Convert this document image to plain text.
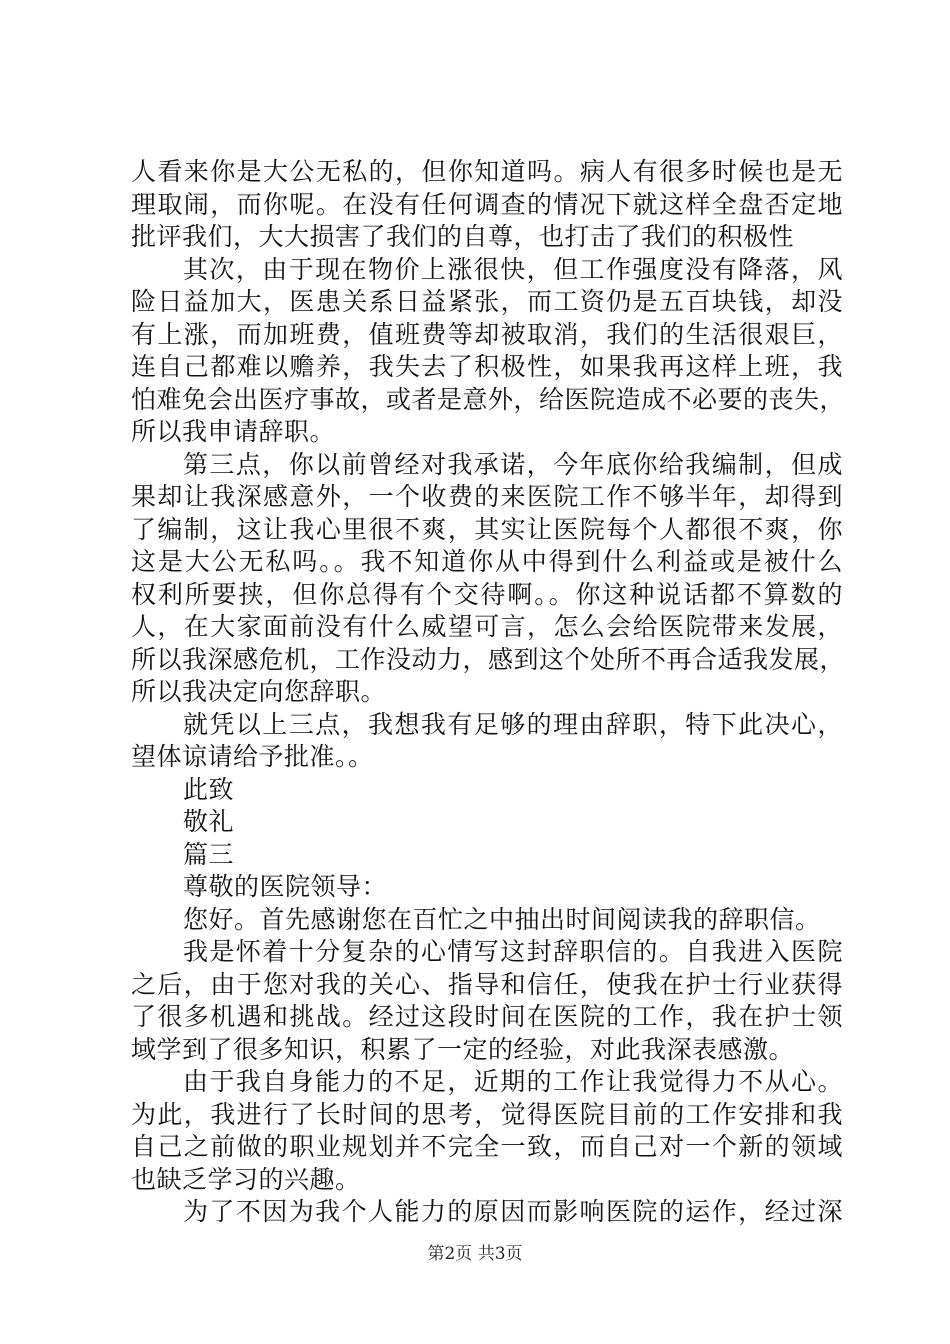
人看来你是大公无私的，但你知道吗。病人有很多时候也是无
理取闹，而你呢。在没有任何调查的情况下就这样全盘否定地
批评我们，大大损害了我们的自尊，也打击了我们的积极性
其次，由于现在物价上涨很快，但工作强度没有降落，风
险日益加大，医患关系日益紧张，而工资仍是五百块钱，却没
有上涨，而加班费，值班费等却被取消，我们的生活很艰巨，
连自己都难以赡养，我失去了积极性，如果我再这样上班，我
怕难免会出医疗事故，或者是意外，给医院造成不必要的丧失，
所以我申请辞职。
第三点，你以前曾经对我承诺，今年底你给我编制，但成
果却让我深感意外，一个收费的来医院工作不够半年，却得到
了编制，这让我心里很不爽，其实让医院每个人都很不爽，你
这是大公无私吗。。我不知道你从中得到什么利益或是被什么
权利所要挟，但你总得有个交待啊。。你这种说话都不算数的
人，在大家面前没有什么威望可言，怎么会给医院带来发展，
所以我深感危机，工作没动力，感到这个处所不再合适我发展，
所以我决定向您辞职。
就凭以上三点，我想我有足够的理由辞职，特下此决心，
望体谅请给予批准。。
此致
敬礼
篇三
尊敬的医院领导：
您好。首先感谢您在百忙之中抽出时间阅读我的辞职信。
我是怀着十分复杂的心情写这封辞职信的。自我进入医院
之后，由于您对我的关心、指导和信任，使我在护士行业获得
了很多机遇和挑战。经过这段时间在医院的工作，我在护士领
域学到了很多知识，积累了一定的经验，对此我深表感激。
由于我自身能力的不足，近期的工作让我觉得力不从心。
为此，我进行了长时间的思考，觉得医院目前的工作安排和我
自己之前做的职业规划并不完全一致，而自己对一个新的领域
也缺乏学习的兴趣。
为了不因为我个人能力的原因而影响医院的运作，经过深
第2页 共3页
